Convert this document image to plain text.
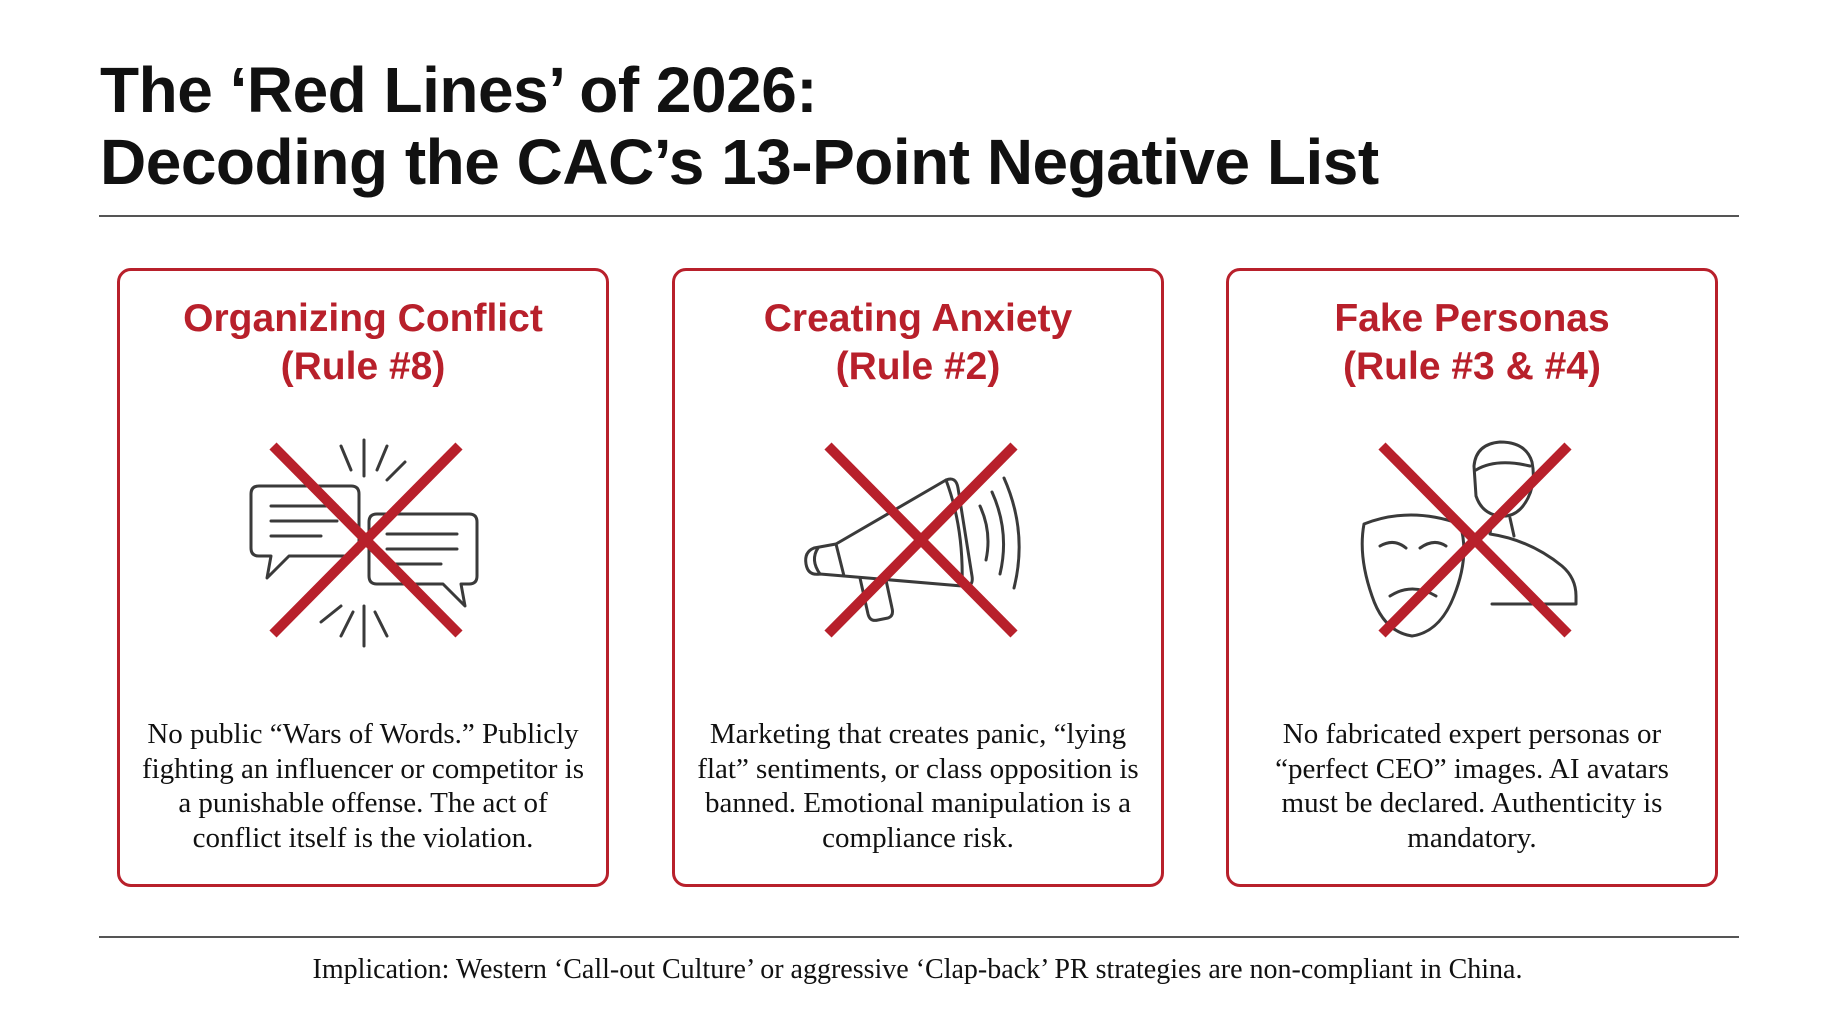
The ‘Red Lines’ of 2026:
Decoding the CAC’s 13-Point Negative List
Organizing Conflict
(Rule #8)

No public “Wars of Words.” Publicly fighting an influencer or competitor is a punishable offense. The act of conflict itself is the violation.

Creating Anxiety
(Rule #2)

Marketing that creates panic, “lying flat” sentiments, or class opposition is banned. Emotional manipulation is a compliance risk.

Fake Personas
(Rule #3 & #4)

No fabricated expert personas or “perfect CEO” images. AI avatars must be declared. Authenticity is mandatory.

Implication: Western ‘Call-out Culture’ or aggressive ‘Clap-back’ PR strategies are non-compliant in China.
